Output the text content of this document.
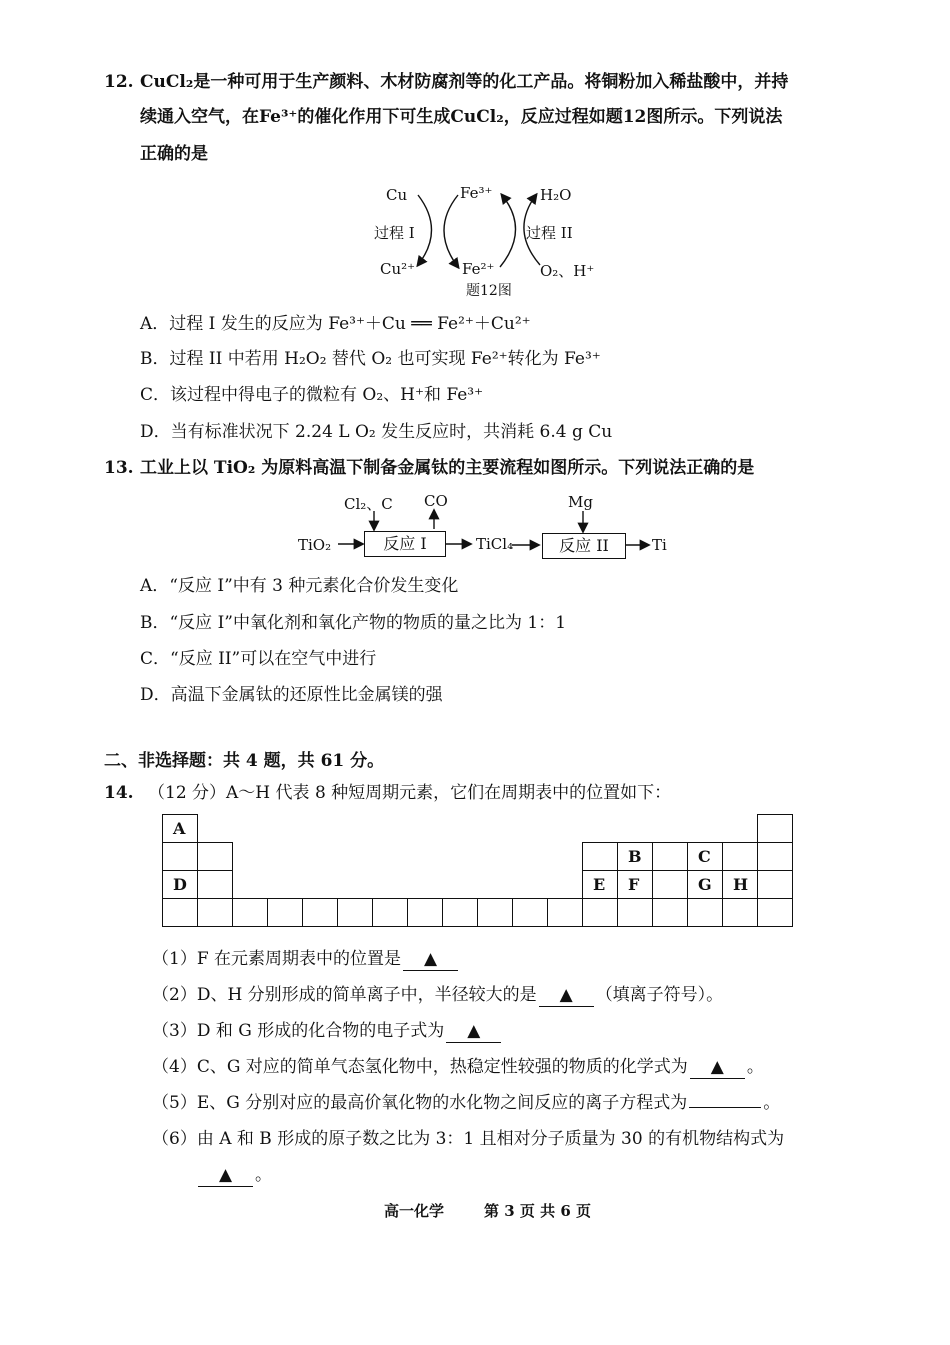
12. CuCl₂是一种可用于生产颜料、木材防腐剂等的化工产品。将铜粉加入稀盐酸中，并持
续通入空气，在Fe³⁺的催化作用下可生成CuCl₂，反应过程如题12图所示。下列说法
正确的是
Cu	Fe³⁺	H₂O
过程 I	过程 II
Cu²⁺	Fe²⁺	O₂、H⁺
题12图
A．过程 I 发生的反应为 Fe³⁺＋Cu ══ Fe²⁺＋Cu²⁺
B．过程 II 中若用 H₂O₂ 替代 O₂ 也可实现 Fe²⁺转化为 Fe³⁺
C．该过程中得电子的微粒有 O₂、H⁺和 Fe³⁺
D．当有标准状况下 2.24 L O₂ 发生反应时，共消耗 6.4 g Cu
13. 工业上以 TiO₂ 为原料高温下制备金属钛的主要流程如图所示。下列说法正确的是
Cl₂、C CO	Mg
TiO₂	反应 I	TiCl₄	反应 II	Ti
A．“反应 I”中有 3 种元素化合价发生变化
B．“反应 I”中氧化剂和氧化产物的物质的量之比为 1：1
C．“反应 II”可以在空气中进行
D．高温下金属钛的还原性比金属镁的强
二、非选择题：共 4 题，共 61 分。
14. （12 分）A～H 代表 8 种短周期元素，它们在周期表中的位置如下：
A																	
													B		C		
D												E	F		G	H	

（1）F 在元素周期表中的位置是 ▲
（2）D、H 分别形成的简单离子中，半径较大的是 ▲ （填离子符号）。
（3）D 和 G 形成的化合物的电子式为 ▲
（4）C、G 对应的简单气态氢化物中，热稳定性较强的物质的化学式为 ▲ 。
（5）E、G 分别对应的最高价氧化物的水化物之间反应的离子方程式为	。
（6）由 A 和 B 形成的原子数之比为 3：1 且相对分子质量为 30 的有机物结构式为
▲ 。
高一化学	第 3 页 共 6 页
